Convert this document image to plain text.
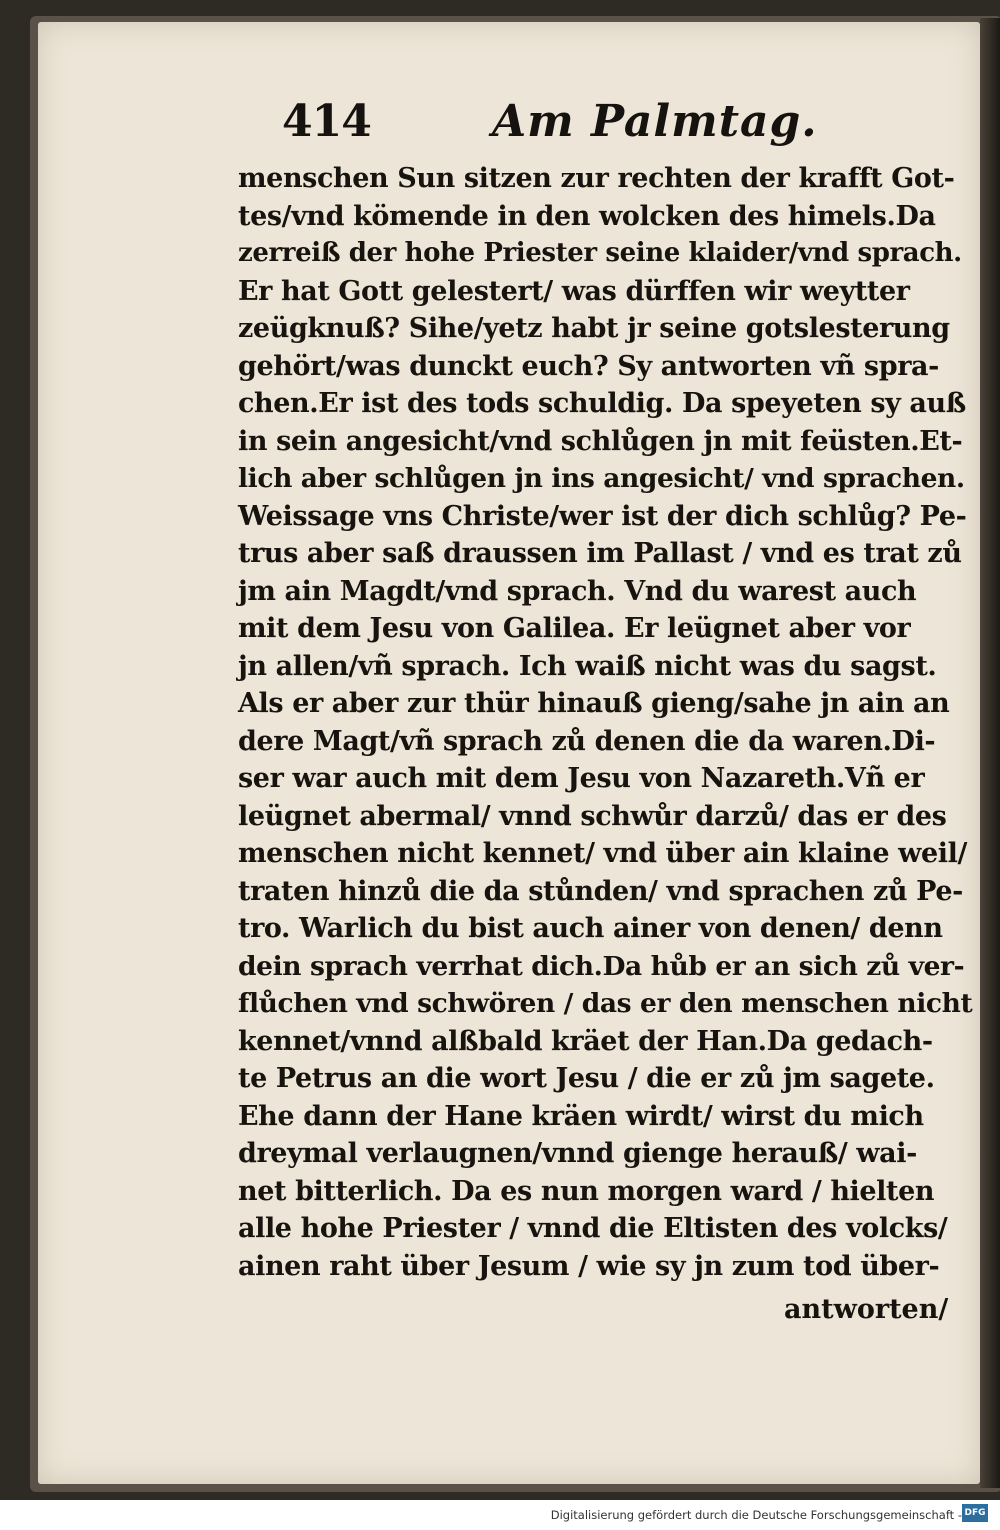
414	Am Palmtag.
menschen Sun sitzen zur rechten der krafft Got-
tes/vnd kömende in den wolcken des himels.Da
zerreiß der hohe Priester seine klaider/vnd sprach.
Er hat Gott gelestert/ was dürffen wir weytter
zeügknuß? Sihe/yetz habt jr seine gotslesterung
gehört/was dunckt euch? Sy antworten vñ spra-
chen.Er ist des tods schuldig. Da speyeten sy auß
in sein angesicht/vnd schlůgen jn mit feüsten.Et-
lich aber schlůgen jn ins angesicht/ vnd sprachen.
Weissage vns Christe/wer ist der dich schlůg? Pe-
trus aber saß draussen im Pallast / vnd es trat zů
jm ain Magdt/vnd sprach. Vnd du warest auch
mit dem Jesu von Galilea. Er leügnet aber vor
jn allen/vñ sprach. Ich waiß nicht was du sagst.
Als er aber zur thür hinauß gieng/sahe jn ain an
dere Magt/vñ sprach zů denen die da waren.Di-
ser war auch mit dem Jesu von Nazareth.Vñ er
leügnet abermal/ vnnd schwůr darzů/ das er des
menschen nicht kennet/ vnd über ain klaine weil/
traten hinzů die da stůnden/ vnd sprachen zů Pe-
tro. Warlich du bist auch ainer von denen/ denn
dein sprach verrhat dich.Da hůb er an sich zů ver-
flůchen vnd schwören / das er den menschen nicht
kennet/vnnd alßbald kräet der Han.Da gedach-
te Petrus an die wort Jesu / die er zů jm sagete.
Ehe dann der Hane kräen wirdt/ wirst du mich
dreymal verlaugnen/vnnd gienge herauß/ wai-
net bitterlich. Da es nun morgen ward / hielten
alle hohe Priester / vnnd die Eltisten des volcks/
ainen raht über Jesum / wie sy jn zum tod über-
antworten/
Digitalisierung gefördert durch die Deutsche Forschungsgemeinschaft - DFG
